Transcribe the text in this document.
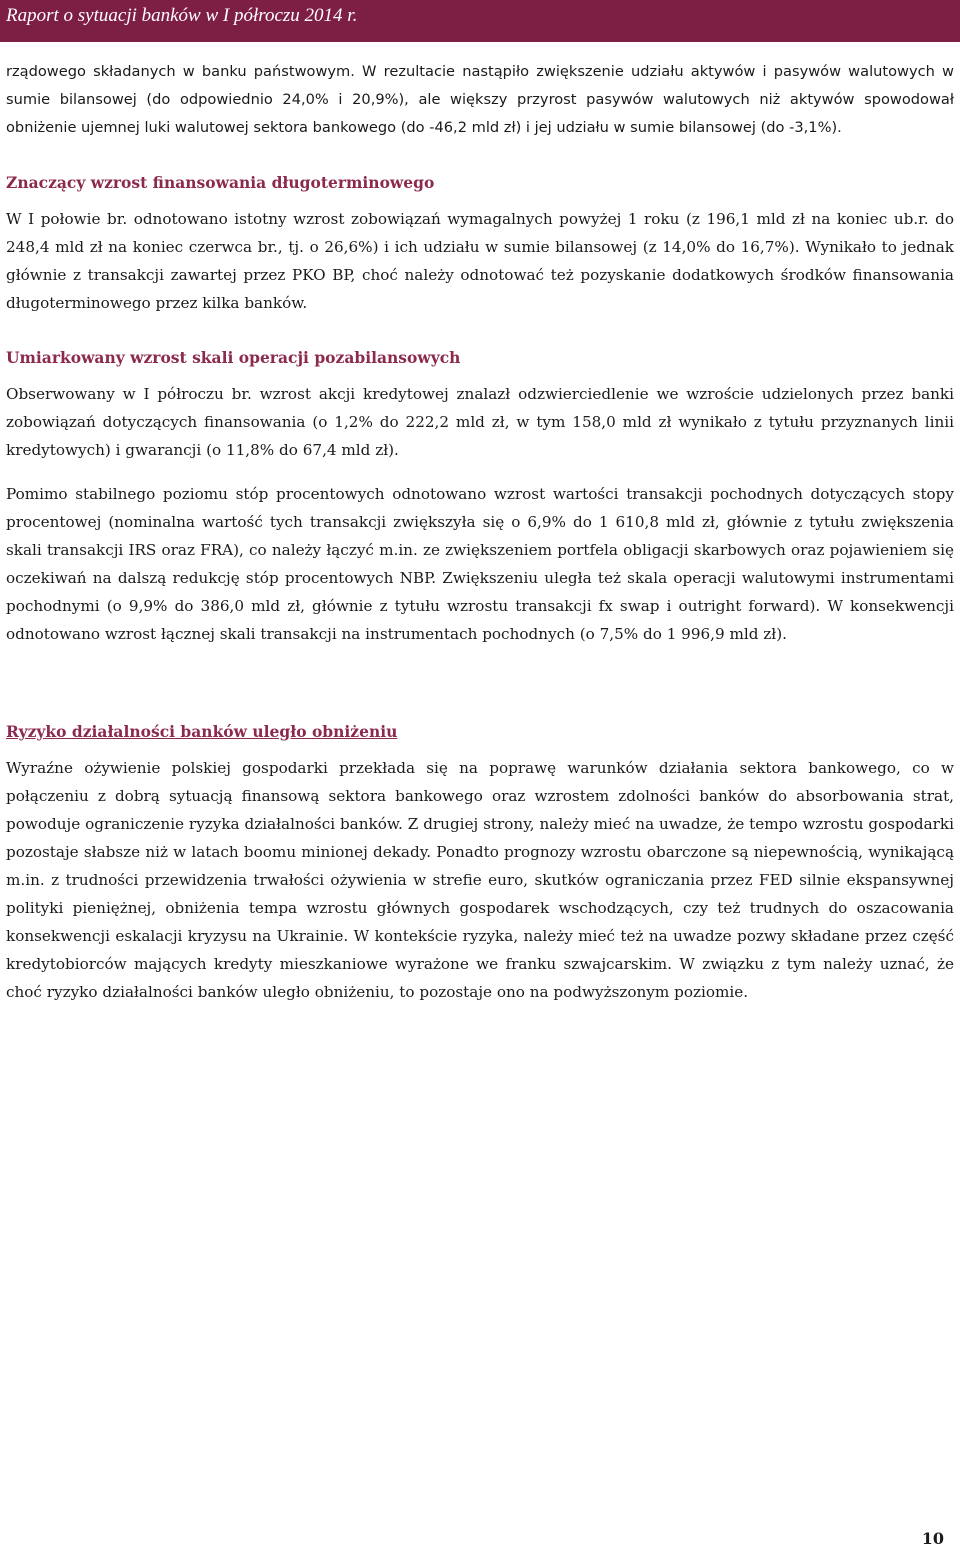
Raport o sytuacji banków w I półroczu 2014 r.

rządowego składanych w banku państwowym. W rezultacie nastąpiło zwiększenie udziału aktywów i pasywów walutowych w sumie bilansowej (do odpowiednio 24,0% i 20,9%), ale większy przyrost pasywów walutowych niż aktywów spowodował obniżenie ujemnej luki walutowej sektora bankowego (do -46,2 mld zł) i jej udziału w sumie bilansowej (do -3,1%).

Znaczący wzrost finansowania długoterminowego

W I połowie br. odnotowano istotny wzrost zobowiązań wymagalnych powyżej 1 roku (z 196,1 mld zł na koniec ub.r. do 248,4 mld zł na koniec czerwca br., tj. o 26,6%) i ich udziału w sumie bilansowej (z 14,0% do 16,7%). Wynikało to jednak głównie z transakcji zawartej przez PKO BP, choć należy odnotować też pozyskanie dodatkowych środków finansowania długoterminowego przez kilka banków.

Umiarkowany wzrost skali operacji pozabilansowych

Obserwowany w I półroczu br. wzrost akcji kredytowej znalazł odzwierciedlenie we wzroście udzielonych przez banki zobowiązań dotyczących finansowania (o 1,2% do 222,2 mld zł, w tym 158,0 mld zł wynikało z tytułu przyznanych linii kredytowych) i gwarancji (o 11,8% do 67,4 mld zł).

Pomimo stabilnego poziomu stóp procentowych odnotowano wzrost wartości transakcji pochodnych dotyczących stopy procentowej (nominalna wartość tych transakcji zwiększyła się o 6,9% do 1 610,8 mld zł, głównie z tytułu zwiększenia skali transakcji IRS oraz FRA), co należy łączyć m.in. ze zwiększeniem portfela obligacji skarbowych oraz pojawieniem się oczekiwań na dalszą redukcję stóp procentowych NBP. Zwiększeniu uległa też skala operacji walutowymi instrumentami pochodnymi (o 9,9% do 386,0 mld zł, głównie z tytułu wzrostu transakcji fx swap i outright forward). W konsekwencji odnotowano wzrost łącznej skali transakcji na instrumentach pochodnych (o 7,5% do 1 996,9 mld zł).

Ryzyko działalności banków uległo obniżeniu

Wyraźne ożywienie polskiej gospodarki przekłada się na poprawę warunków działania sektora bankowego, co w połączeniu z dobrą sytuacją finansową sektora bankowego oraz wzrostem zdolności banków do absorbowania strat, powoduje ograniczenie ryzyka działalności banków. Z drugiej strony, należy mieć na uwadze, że tempo wzrostu gospodarki pozostaje słabsze niż w latach boomu minionej dekady. Ponadto prognozy wzrostu obarczone są niepewnością, wynikającą m.in. z trudności przewidzenia trwałości ożywienia w strefie euro, skutków ograniczania przez FED silnie ekspansywnej polityki pieniężnej, obniżenia tempa wzrostu głównych gospodarek wschodzących, czy też trudnych do oszacowania konsekwencji eskalacji kryzysu na Ukrainie. W kontekście ryzyka, należy mieć też na uwadze pozwy składane przez część kredytobiorców mających kredyty mieszkaniowe wyrażone we franku szwajcarskim. W związku z tym należy uznać, że choć ryzyko działalności banków uległo obniżeniu, to pozostaje ono na podwyższonym poziomie.

10
